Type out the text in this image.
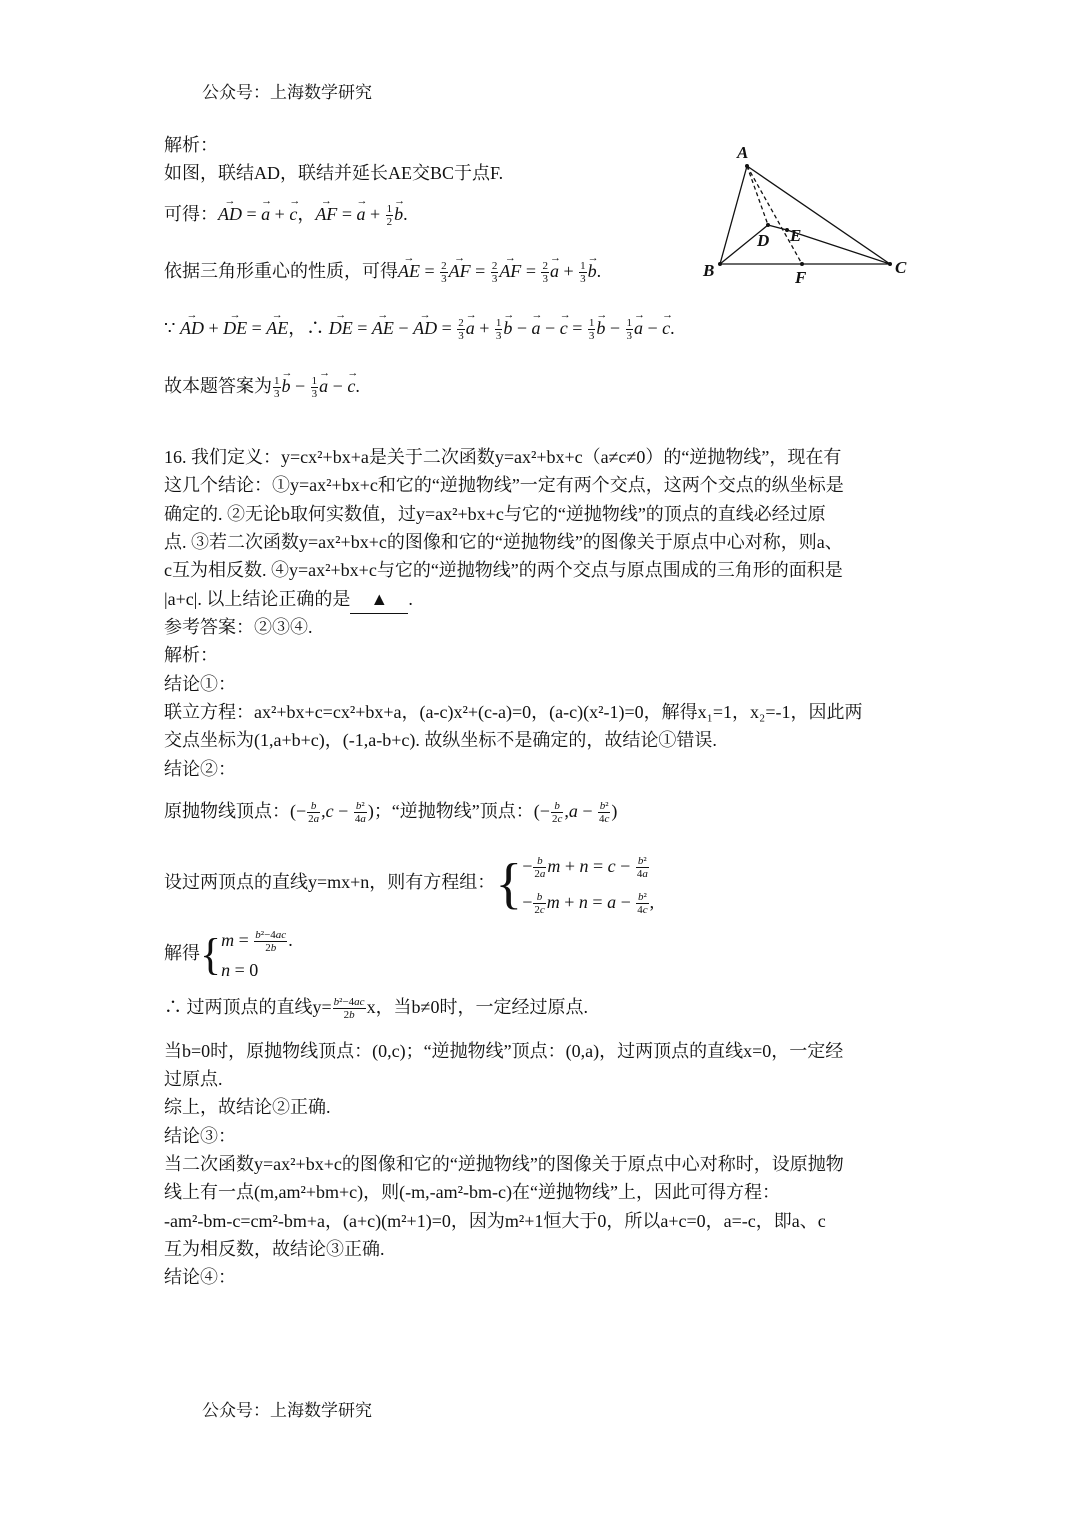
公众号：上海数学研究
A
B	C
D E
F
解析：
如图，联结AD，联结并延长AE交BC于点F.
可得：→ AD = → a + → c，→ AF = → $a + \frac{1}{2}$
→ b.
依据三角形重心的性质，可得→ AE = $\frac{2}{3}$
→ AF = $\frac{2}{3}$
→ AF = $\frac{2}{3}$
→ $a + \frac{1}{3}$
→ b.
∵ → AD + → DE = → AE，∴ → DE = → AE − → AD = $\frac{2}{3}$
→ $a + \frac{1}{3}$
→ b − → a − → $c = \frac{1}{3}$
→ $b - \frac{1}{3}$
→ a − → c.
故本题答案为 $\frac{1}{3}$
→ $b - \frac{1}{3}$
→ a − → c.
16. 我们定义：y=cx²+bx+a是关于二次函数y=ax²+bx+c（a≠c≠0）的“逆抛物线”，现在有
这几个结论：①y=ax²+bx+c和它的“逆抛物线”一定有两个交点，这两个交点的纵坐标是
确定的. ②无论b取何实数值，过y=ax²+bx+c与它的“逆抛物线”的顶点的直线必经过原
点. ③若二次函数y=ax²+bx+c的图像和它的“逆抛物线”的图像关于原点中心对称，则a、
c互为相反数. ④y=ax²+bx+c与它的“逆抛物线”的两个交点与原点围成的三角形的面积是
|a+c|. 以上结论正确的是 ▲ .
参考答案：②③④.
解析：
结论①：
联立方程：ax²+bx+c=cx²+bx+a，(a-c)x²+(c-a)=0，(a-c)(x²-1)=0，解得x₁=1，x₂=-1，因此两
交点坐标为(1,a+b+c)，(-1,a-b+c). 故纵坐标不是确定的，故结论①错误.
结论②：
原抛物线顶点：(− $\frac{b}{2a} ,c - \frac{\text{b²}}{4a}$ )；“逆抛物线”顶点：(− $\frac{b}{2c} ,a - \frac{\text{b²}}{4c}$ )
设过两顶点的直线y=mx+n，则有方程组：{ − $\frac{b}{2a}$ $m + n = c - \frac{\text{b²}}{4a}$
− $\frac{b}{2c}$ $m + n = a - \frac{\text{b²}}{4c}$ ,
解得{ $m = \frac{\text{b²−4ac}}{2b}$ .
n = 0
∴ 过两顶点的直线$y= \frac{\text{b²−4ac}}{2b}$ x，当b≠0时，一定经过原点.
当b=0时，原抛物线顶点：(0,c)；“逆抛物线”顶点：(0,a)，过两顶点的直线x=0，一定经
过原点.
综上，故结论②正确.
结论③：
当二次函数y=ax²+bx+c的图像和它的“逆抛物线”的图像关于原点中心对称时，设原抛物
线上有一点(m,am²+bm+c)，则(-m,-am²-bm-c)在“逆抛物线”上，因此可得方程：
-am²-bm-c=cm²-bm+a，(a+c)(m²+1)=0，因为m²+1恒大于0，所以a+c=0，a=-c，即a、c
互为相反数，故结论③正确.
结论④：
公众号：上海数学研究
